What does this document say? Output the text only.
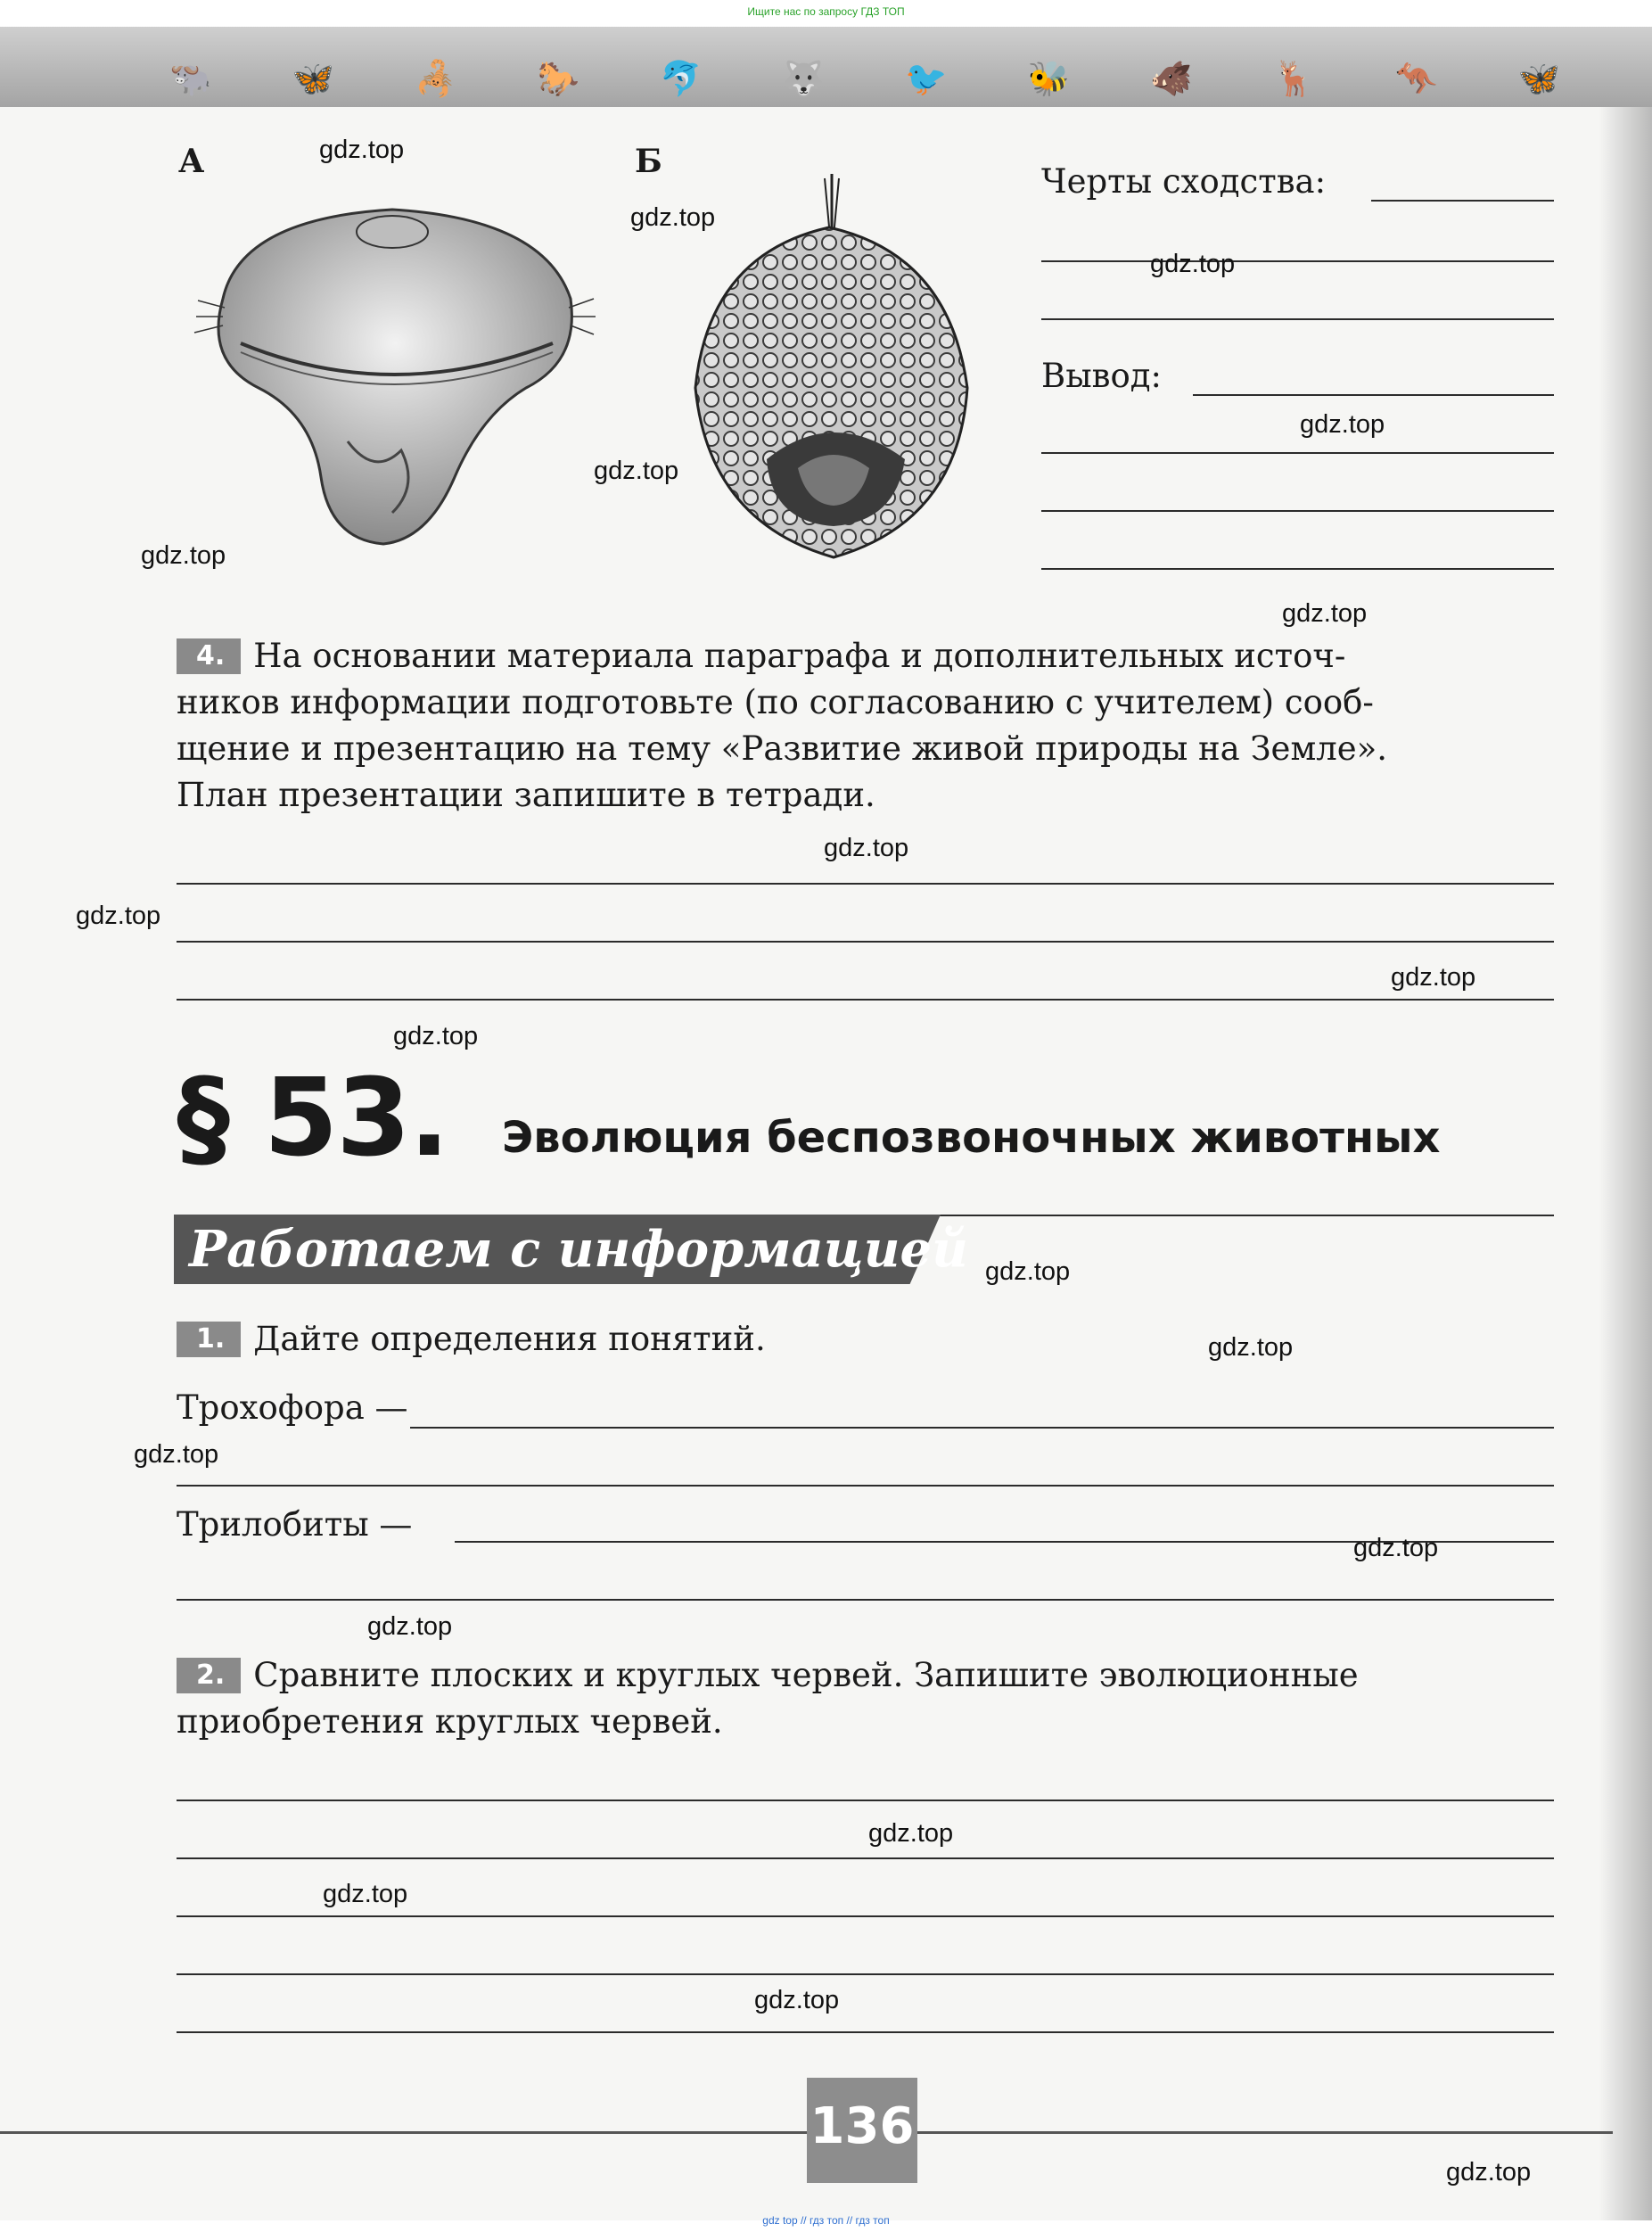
Ищите нас по запросу ГДЗ ТОП
🐃 🦋 🦂 🐎 🐬 🐺 🐦 🐝 🐗 🦌 🦘 🦋
А	Б
Черты сходства:
Вывод:
4. На основании материала параграфа и дополнительных источ-
ников информации подготовьте (по согласованию с учителем) сооб-
щение и презентацию на тему «Развитие живой природы на Земле».
План презентации запишите в тетради.
§ 53. Эволюция беспозвоночных животных
Работаем с информацией
1. Дайте определения понятий.
Трохофора —
Трилобиты —
2. Сравните плоских и круглых червей. Запишите эволюционные
приобретения круглых червей.
136
gdz.top
gdz.top
gdz.top
gdz.top
gdz.top
gdz.top
gdz.top
gdz.top
gdz.top
gdz.top
gdz.top
gdz.top
gdz.top
gdz.top
gdz.top
gdz.top
gdz.top
gdz.top
gdz.top
gdz.top
gdz top // гдз топ // гдз топ
